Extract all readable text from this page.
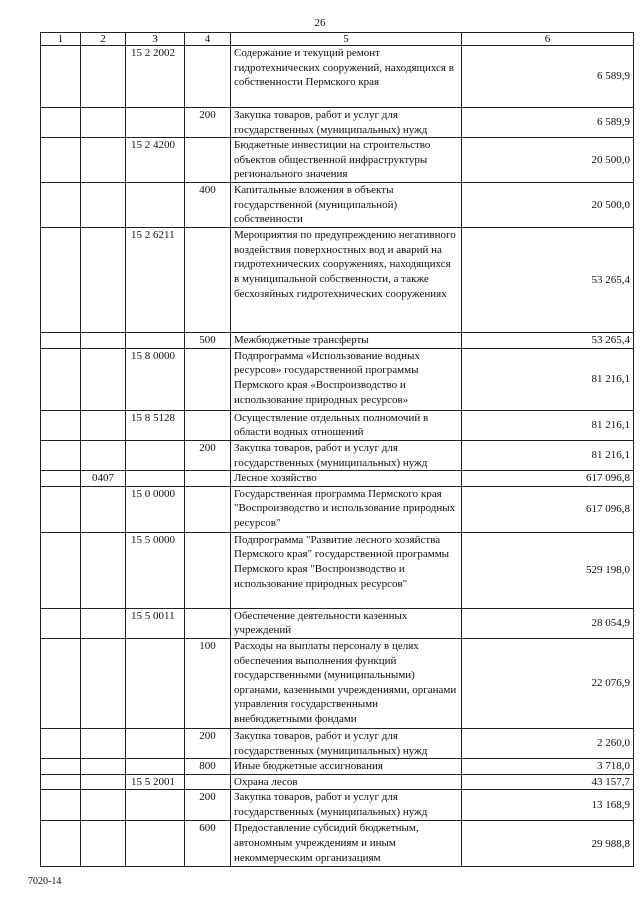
26
1	2	3	4	5	6
		15 2 2002		Содержание и текущий ремонт гидротехнических сооружений, находящихся в собственности Пермского края	6 589,9
			200	Закупка товаров, работ и услуг для государственных (муниципальных) нужд	6 589,9
		15 2 4200		Бюджетные инвестиции на строительство объектов общественной инфраструктуры регионального значения	20 500,0
			400	Капитальные вложения в объекты государственной (муниципальной) собственности	20 500,0
		15 2 6211		Мероприятия по предупреждению негативного воздействия поверхностных вод и аварий на гидротехнических сооружениях, находящихся в муниципальной собственности, а также бесхозяйных гидротехнических сооружениях	53 265,4
			500	Межбюджетные трансферты	53 265,4
		15 8 0000		Подпрограмма «Использование водных ресурсов» государственной программы Пермского края «Воспроизводство и использование природных ресурсов»	81 216,1
		15 8 5128		Осуществление отдельных полномочий в области водных отношений	81 216,1
			200	Закупка товаров, работ и услуг для государственных (муниципальных) нужд	81 216,1
	0407			Лесное хозяйство	617 096,8
		15 0 0000		Государственная программа Пермского края "Воспроизводство и использование природных ресурсов"	617 096,8
		15 5 0000		Подпрограмма "Развитие лесного хозяйства Пермского края" государственной программы Пермского края "Воспроизводство и использование природных ресурсов"	529 198,0
		15 5 0011		Обеспечение деятельности казенных учреждений	28 054,9
			100	Расходы на выплаты персоналу в целях обеспечения выполнения функций государственными (муниципальными) органами, казенными учреждениями, органами управления государственными внебюджетными фондами	22 076,9
			200	Закупка товаров, работ и услуг для государственных (муниципальных) нужд	2 260,0
			800	Иные бюджетные ассигнования	3 718,0
		15 5 2001		Охрана лесов	43 157,7
			200	Закупка товаров, работ и услуг для государственных (муниципальных) нужд	13 168,9
			600	Предоставление субсидий бюджетным, автономным учреждениям и иным некоммерческим организациям	29 988,8
7020-14
